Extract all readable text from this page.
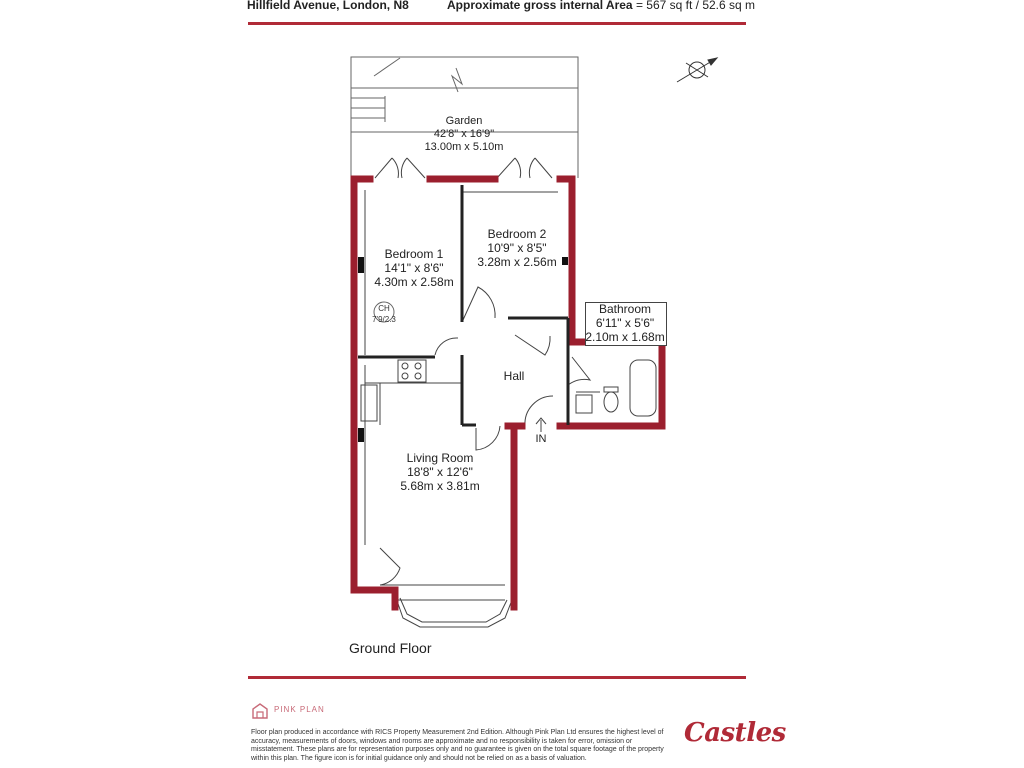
Hillfield Avenue, London, N8	Approximate gross internal Area = 567 sq ft / 52.6 sq m
Garden
42'8" x 16'9"
13.00m x 5.10m
Bedroom 1
14'1" x 8'6"
4.30m x 2.58m
Bedroom 2
10'9" x 8'5"
3.28m x 2.56m
Bathroom
6'11" x 5'6"
2.10m x 1.68m
Hall
Living Room
18'8" x 12'6"
5.68m x 3.81m
CH
7'9/2.3
IN
Ground Floor
PINK PLAN
Floor plan produced in accordance with RICS Property Measurement 2nd Edition. Although Pink Plan Ltd ensures the highest level of accuracy, measurements of doors, windows and rooms are approximate and no responsibility is taken for error, omission or misstatement. These plans are for representation purposes only and no guarantee is given on the total square footage of the property within this plan. The figure icon is for initial guidance only and should not be relied on as a basis of valuation.
Castles
